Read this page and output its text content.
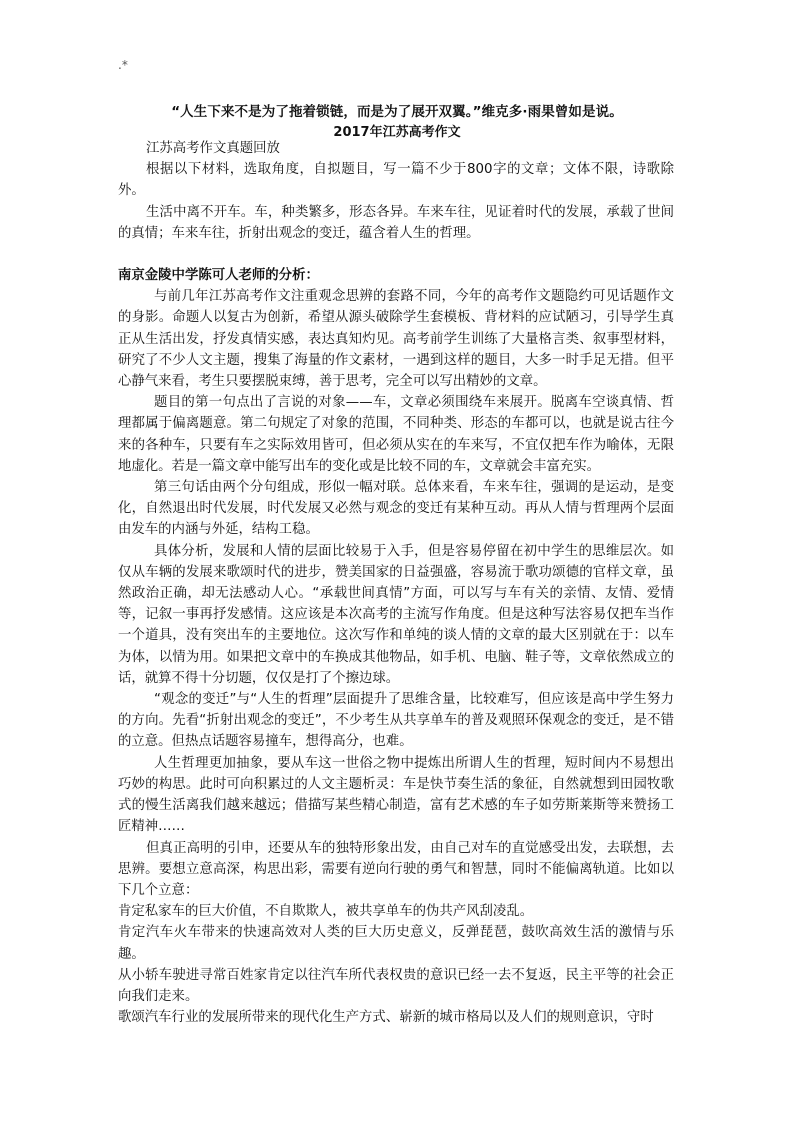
.*
“人生下来不是为了拖着锁链，而是为了展开双翼。”维克多·雨果曾如是说。
2017年江苏高考作文

江苏高考作文真题回放

根据以下材料，选取角度，自拟题目，写一篇不少于800字的文章；文体不限，诗歌除外。

生活中离不开车。车，种类繁多，形态各异。车来车往，见证着时代的发展，承载了世间的真情；车来车往，折射出观念的变迁，蕴含着人生的哲理。

南京金陵中学陈可人老师的分析：

与前几年江苏高考作文注重观念思辨的套路不同，今年的高考作文题隐约可见话题作文的身影。命题人以复古为创新，希望从源头破除学生套模板、背材料的应试陋习，引导学生真正从生活出发，抒发真情实感，表达真知灼见。高考前学生训练了大量格言类、叙事型材料，研究了不少人文主题，搜集了海量的作文素材，一遇到这样的题目，大多一时手足无措。但平心静气来看，考生只要摆脱束缚，善于思考，完全可以写出精妙的文章。

题目的第一句点出了言说的对象——车，文章必须围绕车来展开。脱离车空谈真情、哲理都属于偏离题意。第二句规定了对象的范围，不同种类、形态的车都可以，也就是说古往今来的各种车，只要有车之实际效用皆可，但必须从实在的车来写，不宜仅把车作为喻体，无限地虚化。若是一篇文章中能写出车的变化或是比较不同的车，文章就会丰富充实。

第三句话由两个分句组成，形似一幅对联。总体来看，车来车往，强调的是运动，是变化，自然退出时代发展，时代发展又必然与观念的变迁有某种互动。再从人情与哲理两个层面由发车的内涵与外延，结构工稳。

具体分析，发展和人情的层面比较易于入手，但是容易停留在初中学生的思维层次。如仅从车辆的发展来歌颂时代的进步，赞美国家的日益强盛，容易流于歌功颂德的官样文章，虽然政治正确，却无法感动人心。“承载世间真情”方面，可以写与车有关的亲情、友情、爱情等，记叙一事再抒发感情。这应该是本次高考的主流写作角度。但是这种写法容易仅把车当作一个道具，没有突出车的主要地位。这次写作和单纯的谈人情的文章的最大区别就在于：以车为体，以情为用。如果把文章中的车换成其他物品，如手机、电脑、鞋子等，文章依然成立的话，就算不得十分切题，仅仅是打了个擦边球。

“观念的变迁”与“人生的哲理”层面提升了思维含量，比较难写，但应该是高中学生努力的方向。先看“折射出观念的变迁”，不少考生从共享单车的普及观照环保观念的变迁，是不错的立意。但热点话题容易撞车，想得高分，也难。

人生哲理更加抽象，要从车这一世俗之物中提炼出所谓人生的哲理，短时间内不易想出巧妙的构思。此时可向积累过的人文主题析灵：车是快节奏生活的象征，自然就想到田园牧歌式的慢生活离我们越来越远；借描写某些精心制造，富有艺术感的车子如劳斯莱斯等来赞扬工匠精神……

但真正高明的引申，还要从车的独特形象出发，由自己对车的直觉感受出发，去联想，去思辨。要想立意高深，构思出彩，需要有逆向行驶的勇气和智慧，同时不能偏离轨道。比如以下几个立意：

肯定私家车的巨大价值，不自欺欺人，被共享单车的伪共产风刮凌乱。

肯定汽车火车带来的快速高效对人类的巨大历史意义，反弹琵琶，鼓吹高效生活的激情与乐趣。

从小轿车驶进寻常百姓家肯定以往汽车所代表权贵的意识已经一去不复返，民主平等的社会正向我们走来。

歌颂汽车行业的发展所带来的现代化生产方式、崭新的城市格局以及人们的规则意识，守时
